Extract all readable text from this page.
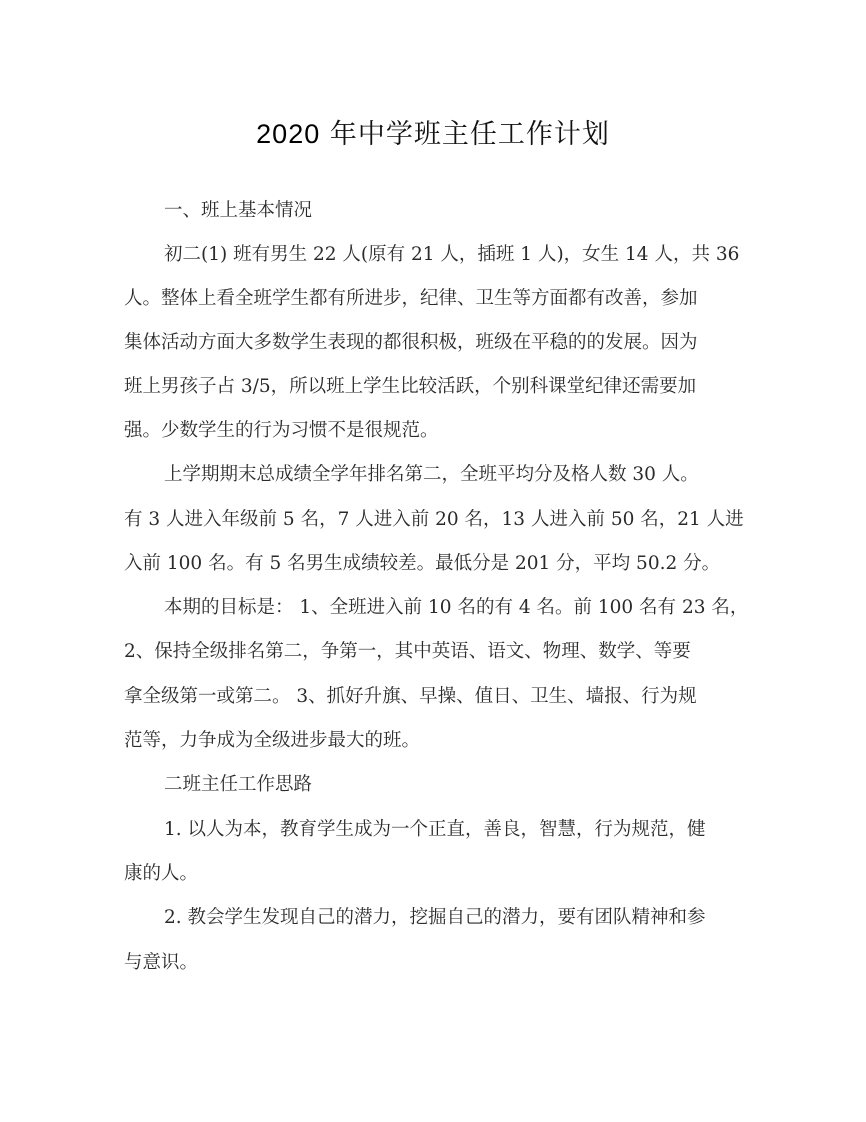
2020 年中学班主任工作计划
一、班上基本情况
初二(1) 班有男生 22 人(原有 21 人，插班 1 人)，女生 14 人，共 36
人。整体上看全班学生都有所进步，纪律、卫生等方面都有改善，参加
集体活动方面大多数学生表现的都很积极，班级在平稳的的发展。因为
班上男孩子占 3/5，所以班上学生比较活跃，个别科课堂纪律还需要加
强。少数学生的行为习惯不是很规范。
上学期期末总成绩全学年排名第二，全班平均分及格人数 30 人。
有 3 人进入年级前 5 名，7 人进入前 20 名，13 人进入前 50 名，21 人进
入前 100 名。有 5 名男生成绩较差。最低分是 201 分，平均 50.2 分。
本期的目标是： 1、全班进入前 10 名的有 4 名。前 100 名有 23 名，
2、保持全级排名第二，争第一，其中英语、语文、物理、数学、等要
拿全级第一或第二。 3、抓好升旗、早操、值日、卫生、墙报、行为规
范等，力争成为全级进步最大的班。
二班主任工作思路
1. 以人为本，教育学生成为一个正直，善良，智慧，行为规范，健
康的人。
2. 教会学生发现自己的潜力，挖掘自己的潜力，要有团队精神和参
与意识。
